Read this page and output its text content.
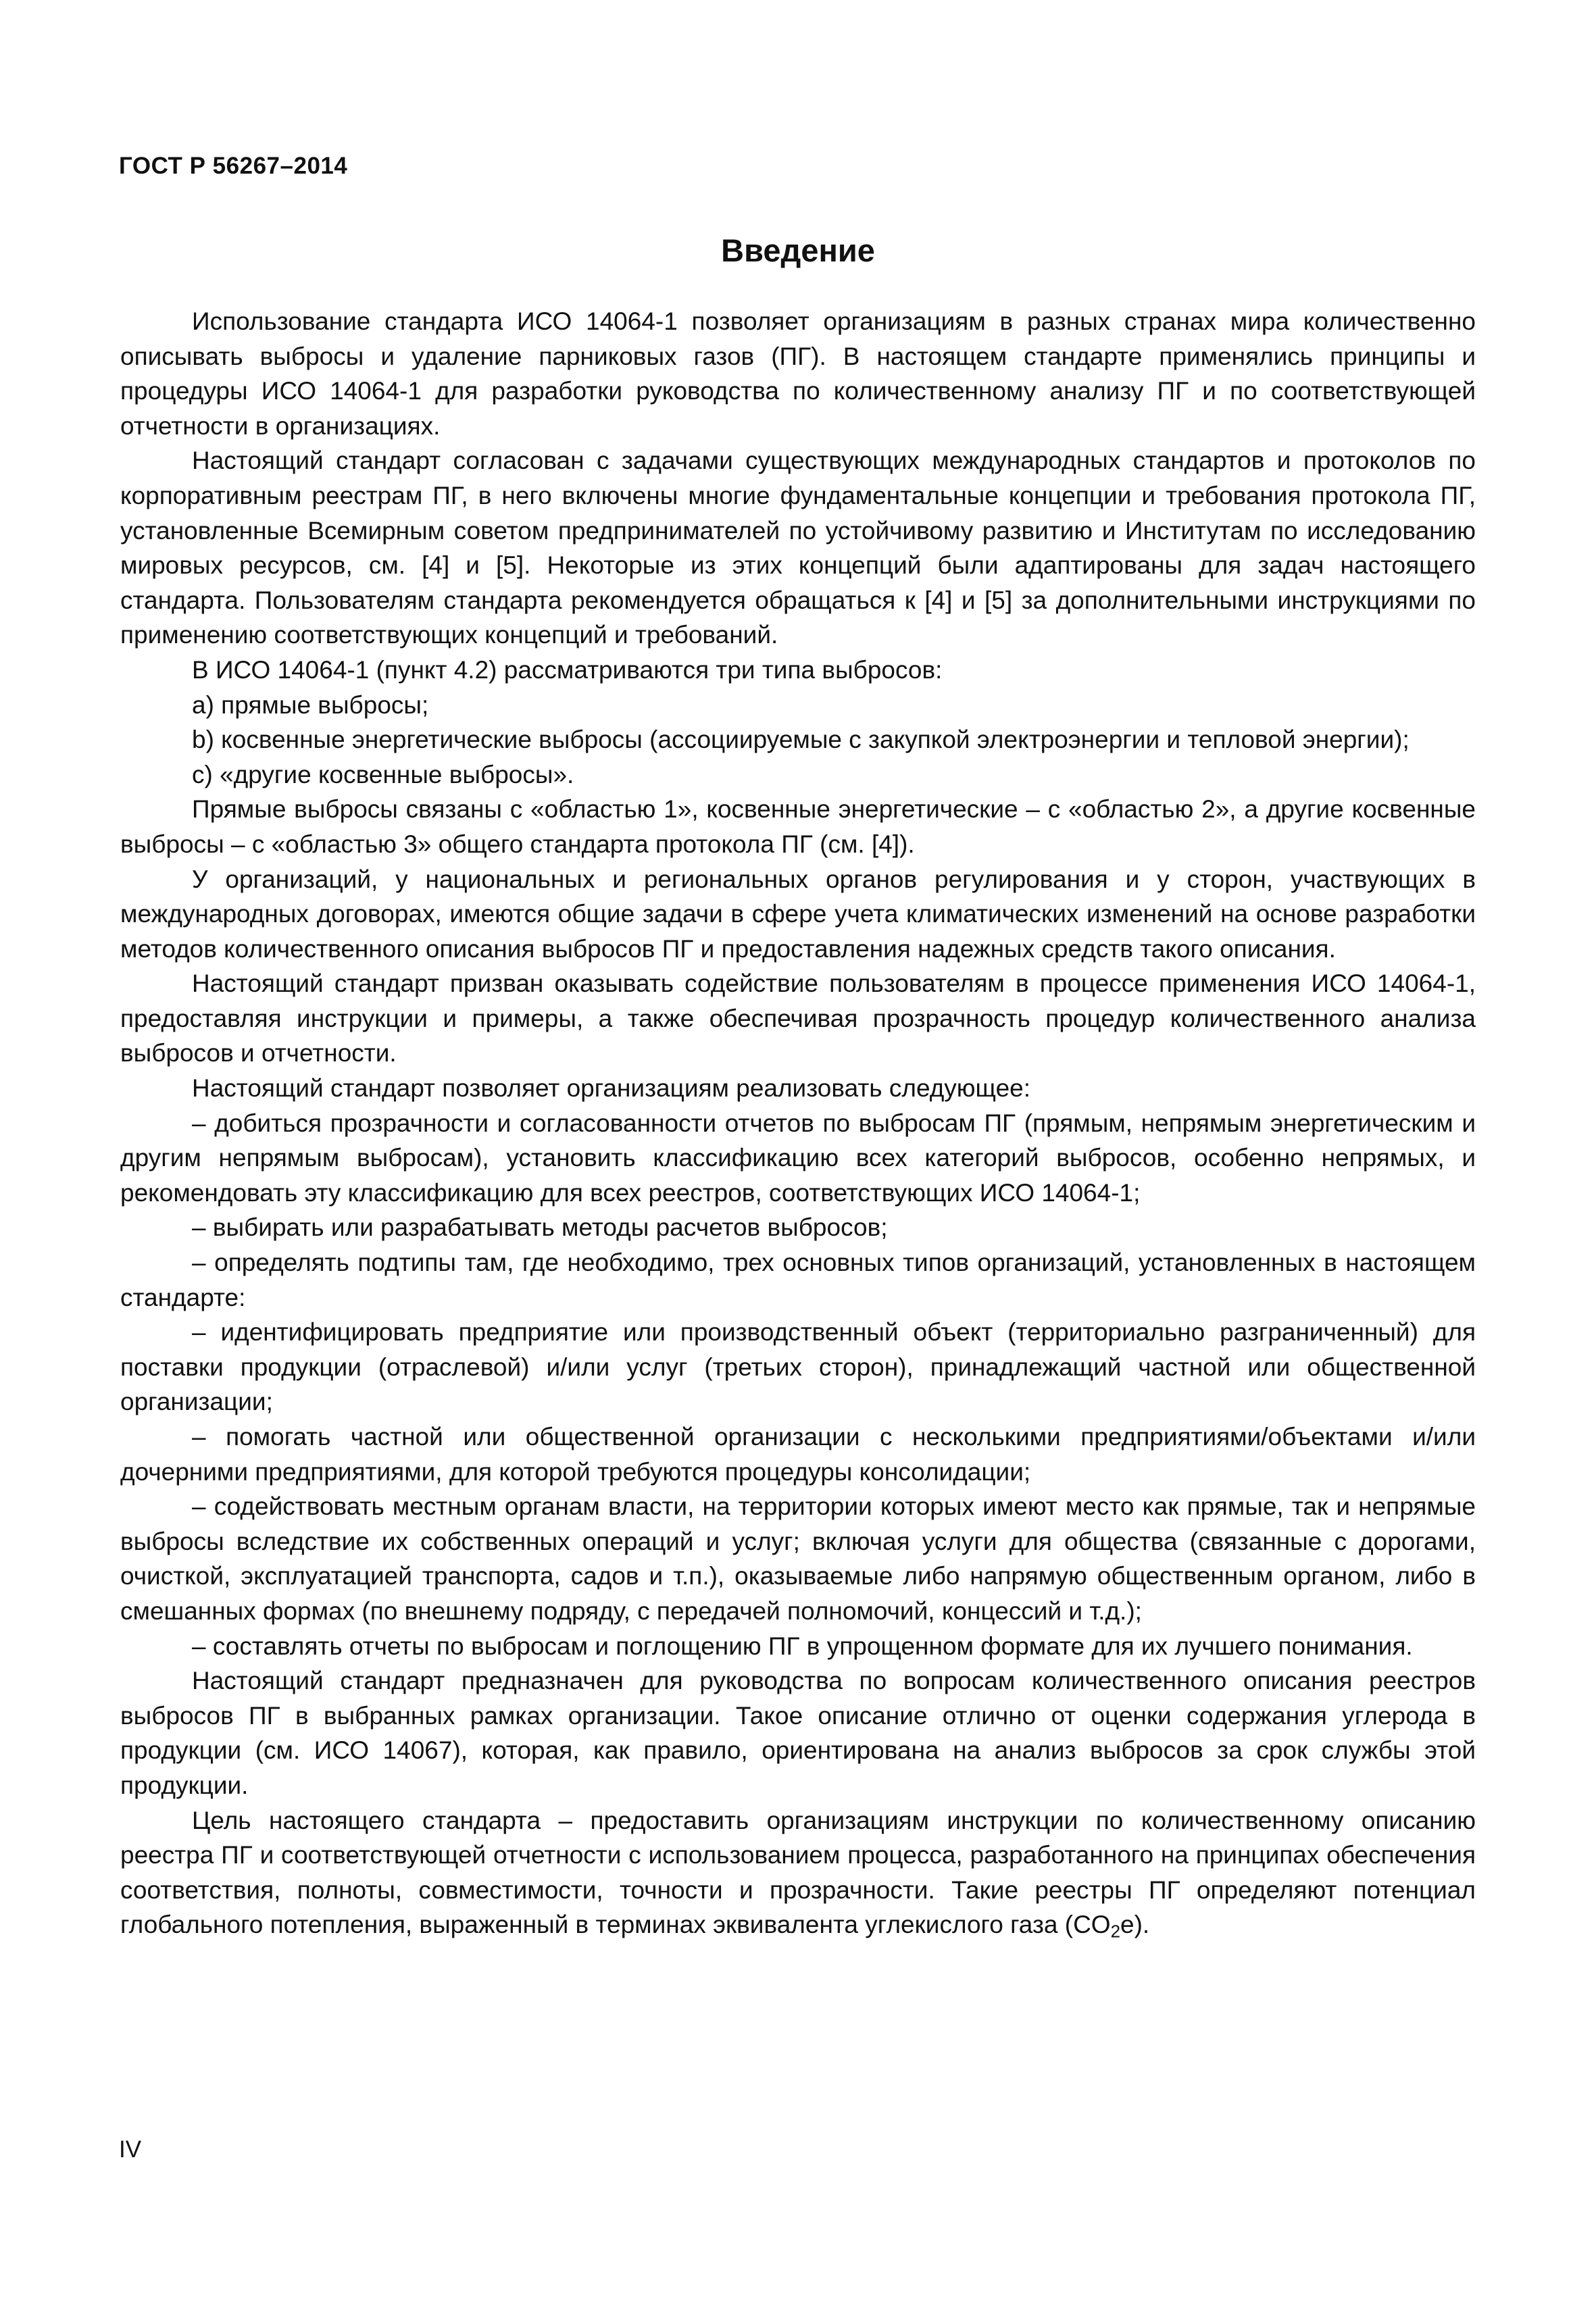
ГОСТ Р 56267–2014
Введение

Использование стандарта ИСО 14064-1 позволяет организациям в разных странах мира количественно описывать выбросы и удаление парниковых газов (ПГ). В настоящем стандарте применялись принципы и процедуры ИСО 14064-1 для разработки руководства по количественному анализу ПГ и по соответствующей отчетности в организациях.

Настоящий стандарт согласован с задачами существующих международных стандартов и протоколов по корпоративным реестрам ПГ, в него включены многие фундаментальные концепции и требования протокола ПГ, установленные Всемирным советом предпринимателей по устойчивому развитию и Институтам по исследованию мировых ресурсов, см. [4] и [5]. Некоторые из этих концепций были адаптированы для задач настоящего стандарта. Пользователям стандарта рекомендуется обращаться к [4] и [5] за дополнительными инструкциями по применению соответствующих концепций и требований.

В ИСО 14064-1 (пункт 4.2) рассматриваются три типа выбросов:

a) прямые выбросы;

b) косвенные энергетические выбросы (ассоциируемые с закупкой электроэнергии и тепловой энергии);

c) «другие косвенные выбросы».

Прямые выбросы связаны с «областью 1», косвенные энергетические – с «областью 2», а другие косвенные выбросы – с «областью 3» общего стандарта протокола ПГ (см. [4]).

У организаций, у национальных и региональных органов регулирования и у сторон, участвующих в международных договорах, имеются общие задачи в сфере учета климатических изменений на основе разработки методов количественного описания выбросов ПГ и предоставления надежных средств такого описания.

Настоящий стандарт призван оказывать содействие пользователям в процессе применения ИСО 14064-1, предоставляя инструкции и примеры, а также обеспечивая прозрачность процедур количественного анализа выбросов и отчетности.

Настоящий стандарт позволяет организациям реализовать следующее:

– добиться прозрачности и согласованности отчетов по выбросам ПГ (прямым, непрямым энергетическим и другим непрямым выбросам), установить классификацию всех категорий выбросов, особенно непрямых, и рекомендовать эту классификацию для всех реестров, соответствующих ИСО 14064-1;

– выбирать или разрабатывать методы расчетов выбросов;

– определять подтипы там, где необходимо, трех основных типов организаций, установленных в настоящем стандарте:

– идентифицировать предприятие или производственный объект (территориально разграниченный) для поставки продукции (отраслевой) и/или услуг (третьих сторон), принадлежащий частной или общественной организации;

– помогать частной или общественной организации с несколькими предприятиями/объектами и/или дочерними предприятиями, для которой требуются процедуры консолидации;

– содействовать местным органам власти, на территории которых имеют место как прямые, так и непрямые выбросы вследствие их собственных операций и услуг; включая услуги для общества (связанные с дорогами, очисткой, эксплуатацией транспорта, садов и т.п.), оказываемые либо напрямую общественным органом, либо в смешанных формах (по внешнему подряду, с передачей полномочий, концессий и т.д.);

– составлять отчеты по выбросам и поглощению ПГ в упрощенном формате для их лучшего понимания.

Настоящий стандарт предназначен для руководства по вопросам количественного описания реестров выбросов ПГ в выбранных рамках организации. Такое описание отлично от оценки содержания углерода в продукции (см. ИСО 14067), которая, как правило, ориентирована на анализ выбросов за срок службы этой продукции.

Цель настоящего стандарта – предоставить организациям инструкции по количественному описанию реестра ПГ и соответствующей отчетности с использованием процесса, разработанного на принципах обеспечения соответствия, полноты, совместимости, точности и прозрачности. Такие реестры ПГ определяют потенциал глобального потепления, выраженный в терминах эквивалента углекислого газа $(CO_2e)$.

IV
